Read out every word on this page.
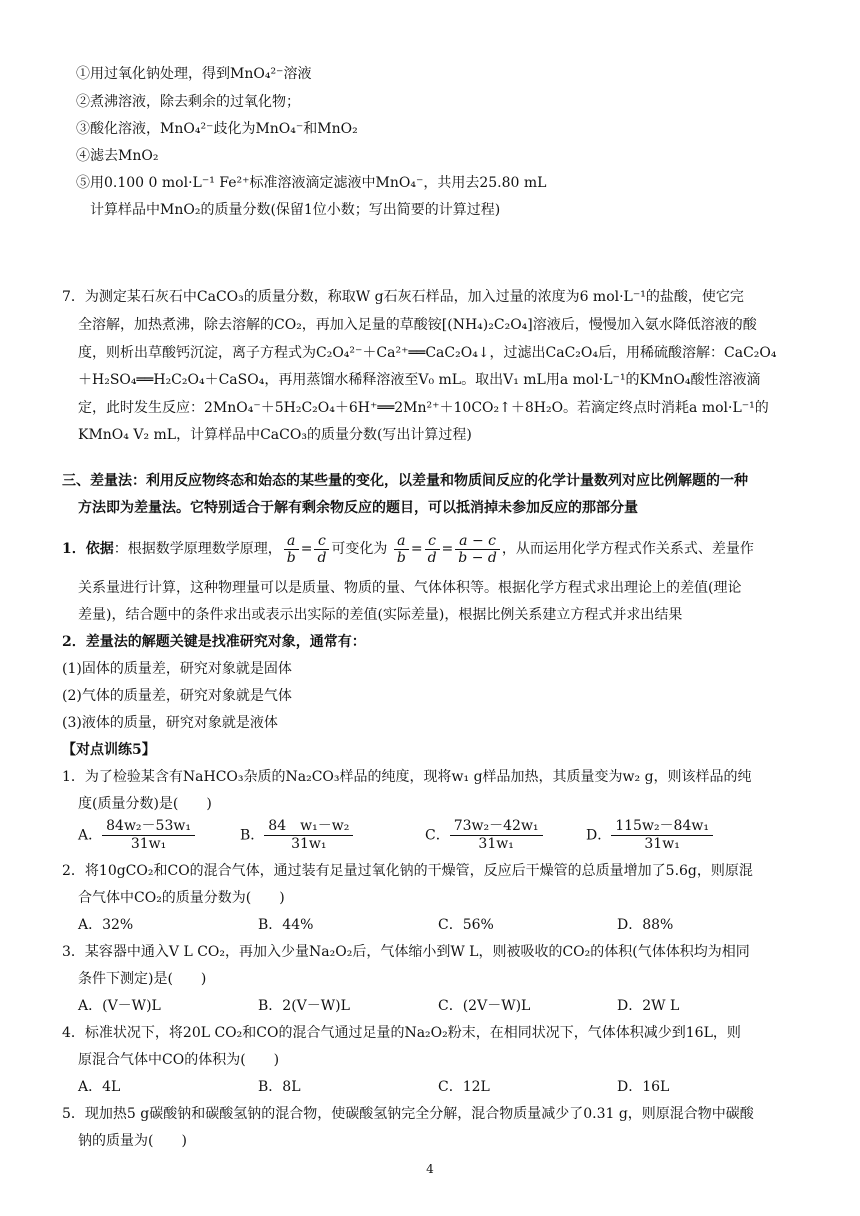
①用过氧化钠处理，得到MnO₄²⁻溶液
②煮沸溶液，除去剩余的过氧化物；
③酸化溶液，MnO₄²⁻歧化为MnO₄⁻和MnO₂
④滤去MnO₂
⑤用0.100 0 mol·L⁻¹ Fe²⁺标准溶液滴定滤液中MnO₄⁻，共用去25.80 mL
计算样品中MnO₂的质量分数(保留1位小数；写出简要的计算过程)
7．为测定某石灰石中CaCO₃的质量分数，称取W g石灰石样品，加入过量的浓度为6 mol·L⁻¹的盐酸，使它完
全溶解，加热煮沸，除去溶解的CO₂，再加入足量的草酸铵[(NH₄)₂C₂O₄]溶液后，慢慢加入氨水降低溶液的酸
度，则析出草酸钙沉淀，离子方程式为C₂O₄²⁻＋Ca²⁺══CaC₂O₄↓，过滤出CaC₂O₄后，用稀硫酸溶解：CaC₂O₄
＋H₂SO₄══H₂C₂O₄＋CaSO₄，再用蒸馏水稀释溶液至V₀ mL。取出V₁ mL用a mol·L⁻¹的KMnO₄酸性溶液滴
定，此时发生反应：2MnO₄⁻＋5H₂C₂O₄＋6H⁺══2Mn²⁺＋10CO₂↑＋8H₂O。若滴定终点时消耗a mol·L⁻¹的
KMnO₄ V₂ mL，计算样品中CaCO₃的质量分数(写出计算过程)
三、差量法：利用反应物终态和始态的某些量的变化，以差量和物质间反应的化学计量数列对应比例解题的一种
方法即为差量法。它特别适合于解有剩余物反应的题目，可以抵消掉未参加反应的那部分量
1．依据：根据数学原理数学原理， $\frac{a}{b} = \frac{c}{d}$ 可变化为 $\frac{a}{b} = \frac{c}{d} = \frac{a - c}{b - d}$ ，从而运用化学方程式作关系式、差量作
关系量进行计算，这种物理量可以是质量、物质的量、气体体积等。根据化学方程式求出理论上的差值(理论
差量)，结合题中的条件求出或表示出实际的差值(实际差量)，根据比例关系建立方程式并求出结果
2．差量法的解题关键是找准研究对象，通常有：
(1)固体的质量差，研究对象就是固体
(2)气体的质量差，研究对象就是气体
(3)液体的质量，研究对象就是液体
【对点训练5】
1．为了检验某含有NaHCO₃杂质的Na₂CO₃样品的纯度，现将w₁ g样品加热，其质量变为w₂ g，则该样品的纯
度(质量分数)是(　　)
A． $\frac{\text{84w₂－53w₁}}{\text{31w₁}}$	B． $\frac{\text{84　w₁－w₂}}{\text{31w₁}}$	C． $\frac{\text{73w₂－42w₁}}{\text{31w₁}}$	D． $\frac{\text{115w₂－84w₁}}{\text{31w₁}}$
2．将10gCO₂和CO的混合气体，通过装有足量过氧化钠的干燥管，反应后干燥管的总质量增加了5.6g，则原混
合气体中CO₂的质量分数为(　　)
A．32%	B．44%	C．56%	D．88%
3．某容器中通入V L CO₂，再加入少量Na₂O₂后，气体缩小到W L，则被吸收的CO₂的体积(气体体积均为相同
条件下测定)是(　　)
A．(V－W)L	B．2(V－W)L	C．(2V－W)L	D．2W L
4．标准状况下，将20L CO₂和CO的混合气通过足量的Na₂O₂粉末，在相同状况下，气体体积减少到16L，则
原混合气体中CO的体积为(　　)
A．4L	B．8L	C．12L	D．16L
5．现加热5 g碳酸钠和碳酸氢钠的混合物，使碳酸氢钠完全分解，混合物质量减少了0.31 g，则原混合物中碳酸
钠的质量为(　　)
4
